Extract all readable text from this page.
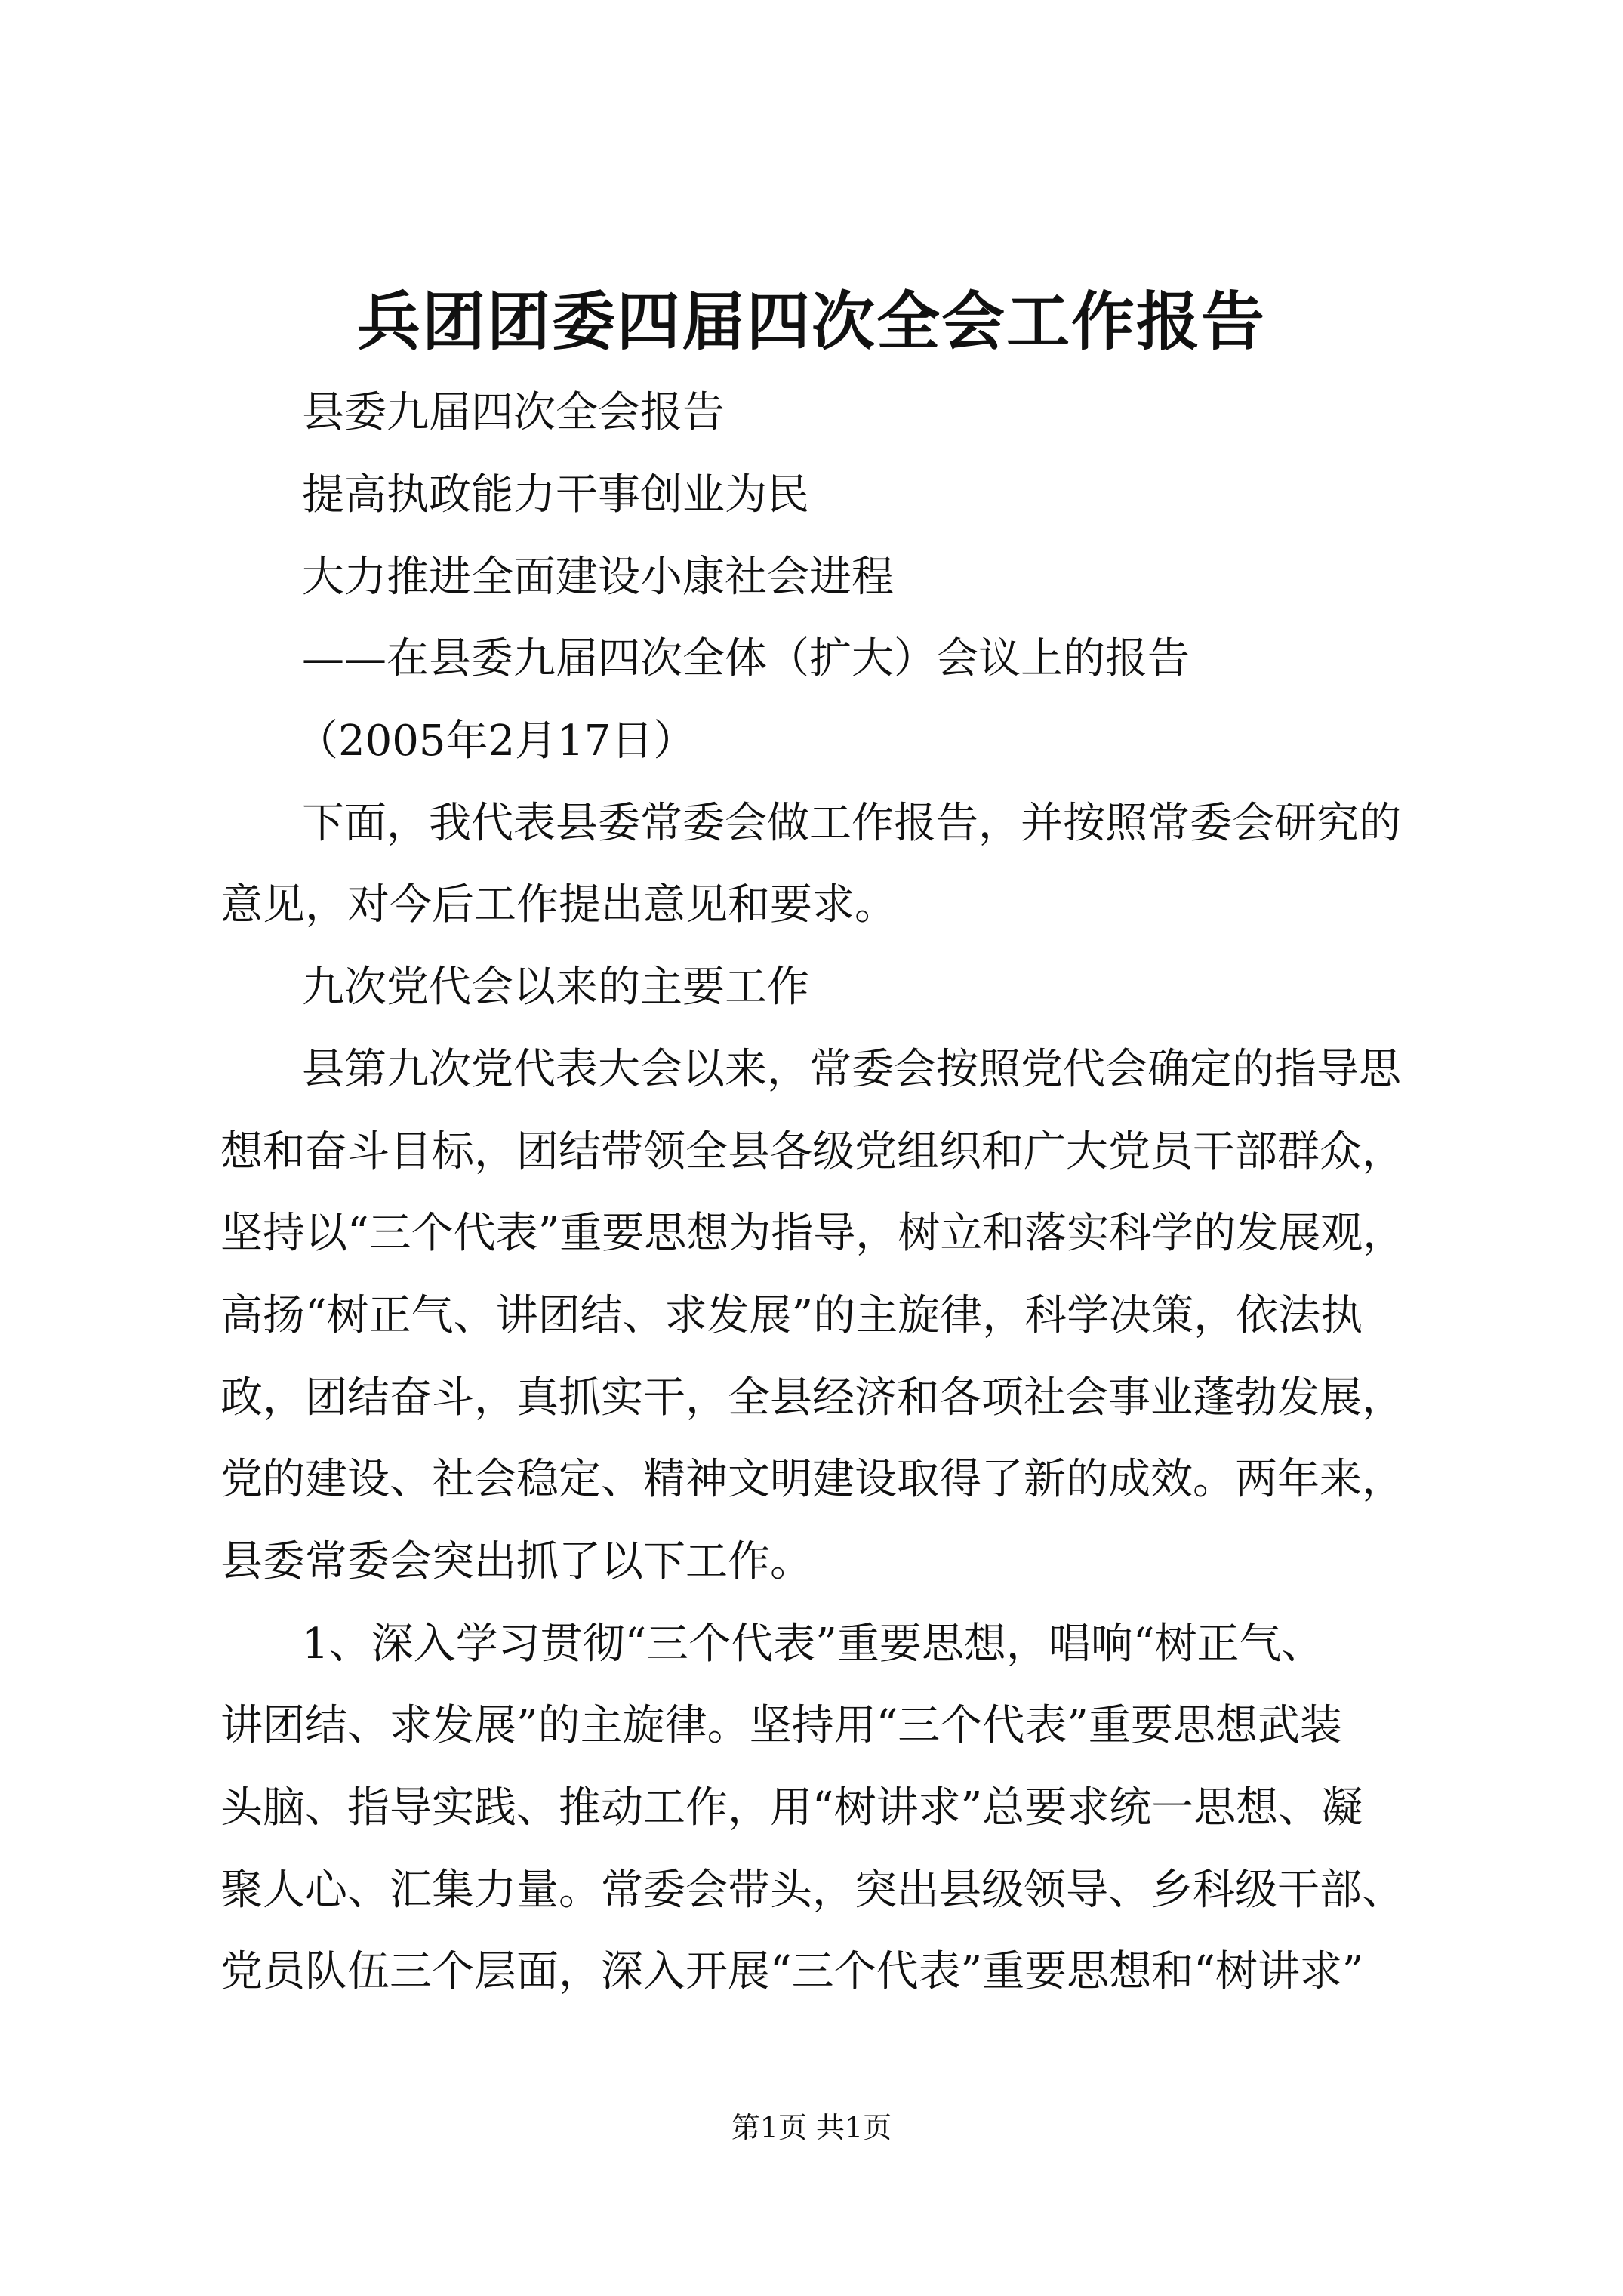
兵团团委四届四次全会工作报告
县委九届四次全会报告
提高执政能力干事创业为民
大力推进全面建设小康社会进程
——在县委九届四次全体（扩大）会议上的报告
（2005年2月17日）
下面，我代表县委常委会做工作报告，并按照常委会研究的
意见，对今后工作提出意见和要求。
九次党代会以来的主要工作
县第九次党代表大会以来，常委会按照党代会确定的指导思
想和奋斗目标，团结带领全县各级党组织和广大党员干部群众，
坚持以“三个代表”重要思想为指导，树立和落实科学的发展观，
高扬“树正气、讲团结、求发展”的主旋律，科学决策，依法执
政，团结奋斗，真抓实干，全县经济和各项社会事业蓬勃发展，
党的建设、社会稳定、精神文明建设取得了新的成效。两年来，
县委常委会突出抓了以下工作。
1、深入学习贯彻“三个代表”重要思想，唱响“树正气、
讲团结、求发展”的主旋律。坚持用“三个代表”重要思想武装
头脑、指导实践、推动工作，用“树讲求”总要求统一思想、凝
聚人心、汇集力量。常委会带头，突出县级领导、乡科级干部、
党员队伍三个层面，深入开展“三个代表”重要思想和“树讲求”
第1页 共1页
